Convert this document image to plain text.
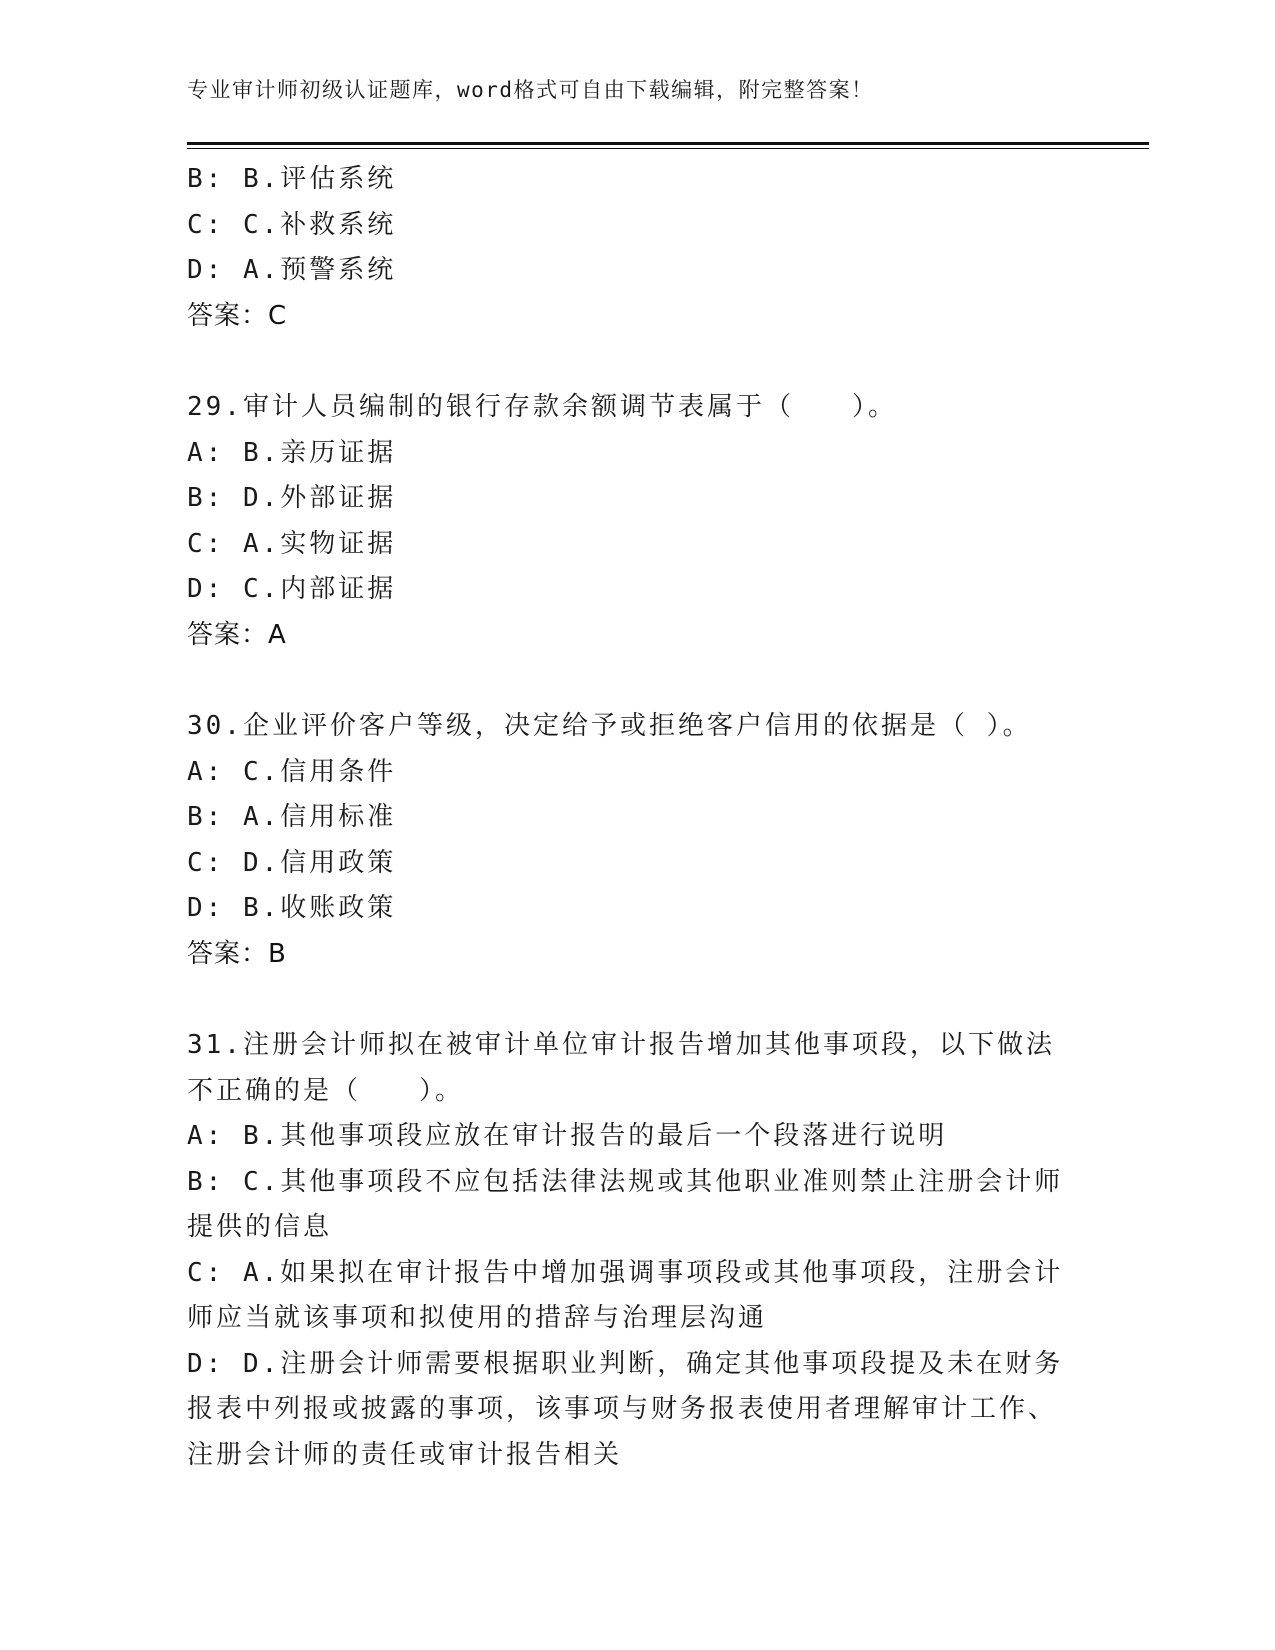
专业审计师初级认证题库，word格式可自由下载编辑，附完整答案！
B: B.评估系统
C: C.补救系统
D: A.预警系统
答案：C
29.审计人员编制的银行存款余额调节表属于（　　）。
A: B.亲历证据
B: D.外部证据
C: A.实物证据
D: C.内部证据
答案：A
30.企业评价客户等级，决定给予或拒绝客户信用的依据是（ ）。
A: C.信用条件
B: A.信用标准
C: D.信用政策
D: B.收账政策
答案：B
31.注册会计师拟在被审计单位审计报告增加其他事项段，以下做法不正确的是（　　）。
A: B.其他事项段应放在审计报告的最后一个段落进行说明
B: C.其他事项段不应包括法律法规或其他职业准则禁止注册会计师提供的信息
C: A.如果拟在审计报告中增加强调事项段或其他事项段，注册会计师应当就该事项和拟使用的措辞与治理层沟通
D: D.注册会计师需要根据职业判断，确定其他事项段提及未在财务报表中列报或披露的事项，该事项与财务报表使用者理解审计工作、注册会计师的责任或审计报告相关
